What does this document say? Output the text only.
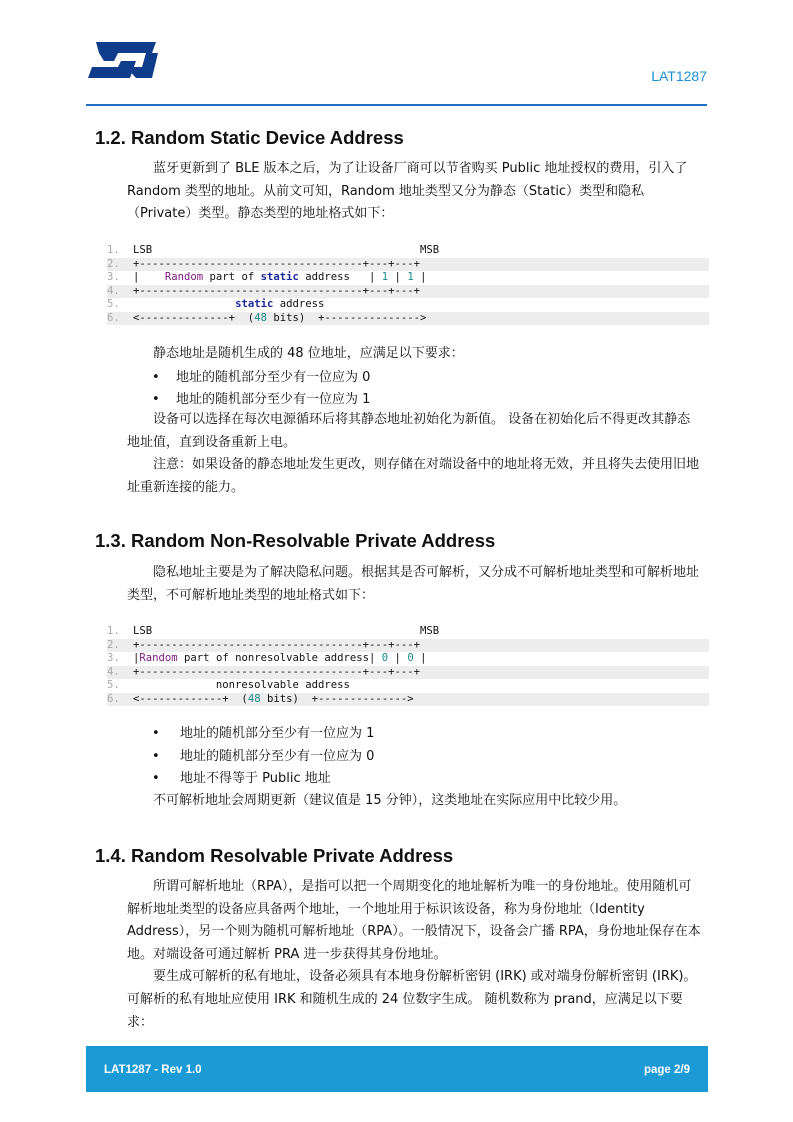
LAT1287
1.2. Random Static Device Address

蓝牙更新到了 BLE 版本之后，为了让设备厂商可以节省购买 Public 地址授权的费用，引入了 Random 类型的地址。从前文可知，Random 地址类型又分为静态（Static）类型和隐私（Private）类型。静态类型的地址格式如下：

1. LSB                                          MSB
2. +-----------------------------------+---+---+
3. |    Random part of static address   | 1 | 1 |
4. +-----------------------------------+---+---+
5.	static address
6. <--------------+  (48 bits)  +--------------->
静态地址是随机生成的 48 位地址，应满足以下要求：
• 地址的随机部分至少有一位应为 0
• 地址的随机部分至少有一位应为 1

设备可以选择在每次电源循环后将其静态地址初始化为新值。 设备在初始化后不得更改其静态地址值，直到设备重新上电。

注意：如果设备的静态地址发生更改，则存储在对端设备中的地址将无效，并且将失去使用旧地址重新连接的能力。

1.3. Random Non-Resolvable Private Address

隐私地址主要是为了解决隐私问题。根据其是否可解析，又分成不可解析地址类型和可解析地址类型，不可解析地址类型的地址格式如下：

1. LSB                                          MSB
2. +-----------------------------------+---+---+
3. |Random part of nonresolvable address| 0 | 0 |
4. +-----------------------------------+---+---+
5.             nonresolvable address
6. <-------------+  (48 bits)  +-------------->
• 地址的随机部分至少有一位应为 1
• 地址的随机部分至少有一位应为 0
• 地址不得等于 Public 地址
不可解析地址会周期更新（建议值是 15 分钟），这类地址在实际应用中比较少用。
1.4. Random Resolvable Private Address

所谓可解析地址（RPA），是指可以把一个周期变化的地址解析为唯一的身份地址。使用随机可解析地址类型的设备应具备两个地址，一个地址用于标识该设备，称为身份地址（Identity Address），另一个则为随机可解析地址（RPA）。一般情况下，设备会广播 RPA，身份地址保存在本地。对端设备可通过解析 PRA 进一步获得其身份地址。

要生成可解析的私有地址，设备必须具有本地身份解析密钥 (IRK) 或对端身份解析密钥 (IRK)。 可解析的私有地址应使用 IRK 和随机生成的 24 位数字生成。 随机数称为 prand，应满足以下要求：

LAT1287 - Rev 1.0	page 2/9
